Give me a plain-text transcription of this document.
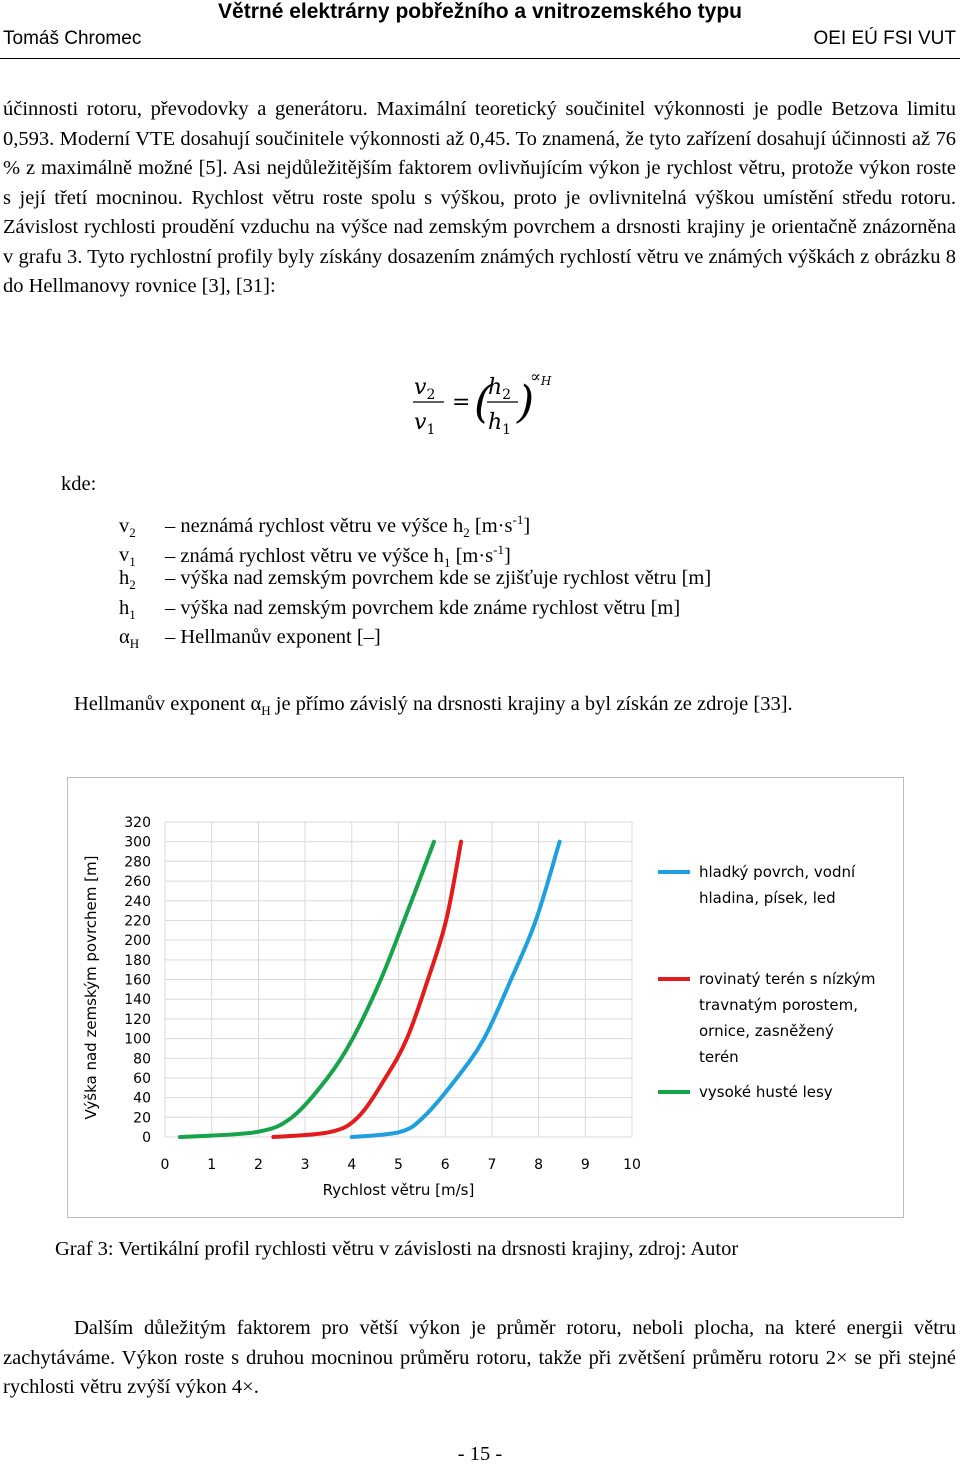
Větrné elektrárny pobřežního a vnitrozemského typu
Tomáš Chromec	OEI EÚ FSI VUT
účinnosti rotoru, převodovky a generátoru. Maximální teoretický součinitel výkonnosti je podle Betzova limitu 0,593. Moderní VTE dosahují součinitele výkonnosti až 0,45. To znamená, že tyto zařízení dosahují účinnosti až 76 % z maximálně možné [5]. Asi nejdůležitějším faktorem ovlivňujícím výkon je rychlost větru, protože výkon roste s její třetí mocninou. Rychlost větru roste spolu s výškou, proto je ovlivnitelná výškou umístění středu rotoru. Závislost rychlosti proudění vzduchu na výšce nad zemským povrchem a drsnosti krajiny je orientačně znázorněna v grafu 3. Tyto rychlostní profily byly získány dosazením známých rychlostí větru ve známých výškách z obrázku 8 do Hellmanovy rovnice [3], [31]:
$v_2$
$v_1$
= (
$h_2$
$h_1$
)
∝H
kde:
$v_2$ – neznámá rychlost větru ve výšce $h_2$ $[m\cdot s^{-1}]$
$v_1$ – známá rychlost větru ve výšce $h_1$ $[m\cdot s^{-1}]$
$h_2$ – výška nad zemským povrchem kde se zjišťuje rychlost větru [m]
$h_1$ – výška nad zemským povrchem kde známe rychlost větru [m]
$\alpha_H$ – Hellmanův exponent [–]
Hellmanův exponent $\alpha_H$ je přímo závislý na drsnosti krajiny a byl získán ze zdroje [33].
0
20
40
60
80
100
120
140
160
180
200
220
240
260
280
300
320
0	1	2	3	4	5	6	7	8	9 10
Rychlost větru [m/s]
Výška nad zemským povrchem [m]	hladký povrch, vodní
hladina, písek, led
rovinatý terén s nízkým
travnatým porostem,
ornice, zasněžený
terén
vysoké husté lesy
Graf 3: Vertikální profil rychlosti větru v závislosti na drsnosti krajiny, zdroj: Autor
Dalším důležitým faktorem pro větší výkon je průměr rotoru, neboli plocha, na které energii větru zachytáváme. Výkon roste s druhou mocninou průměru rotoru, takže při zvětšení průměru rotoru 2× se při stejné rychlosti větru zvýší výkon 4×.
- 15 -
